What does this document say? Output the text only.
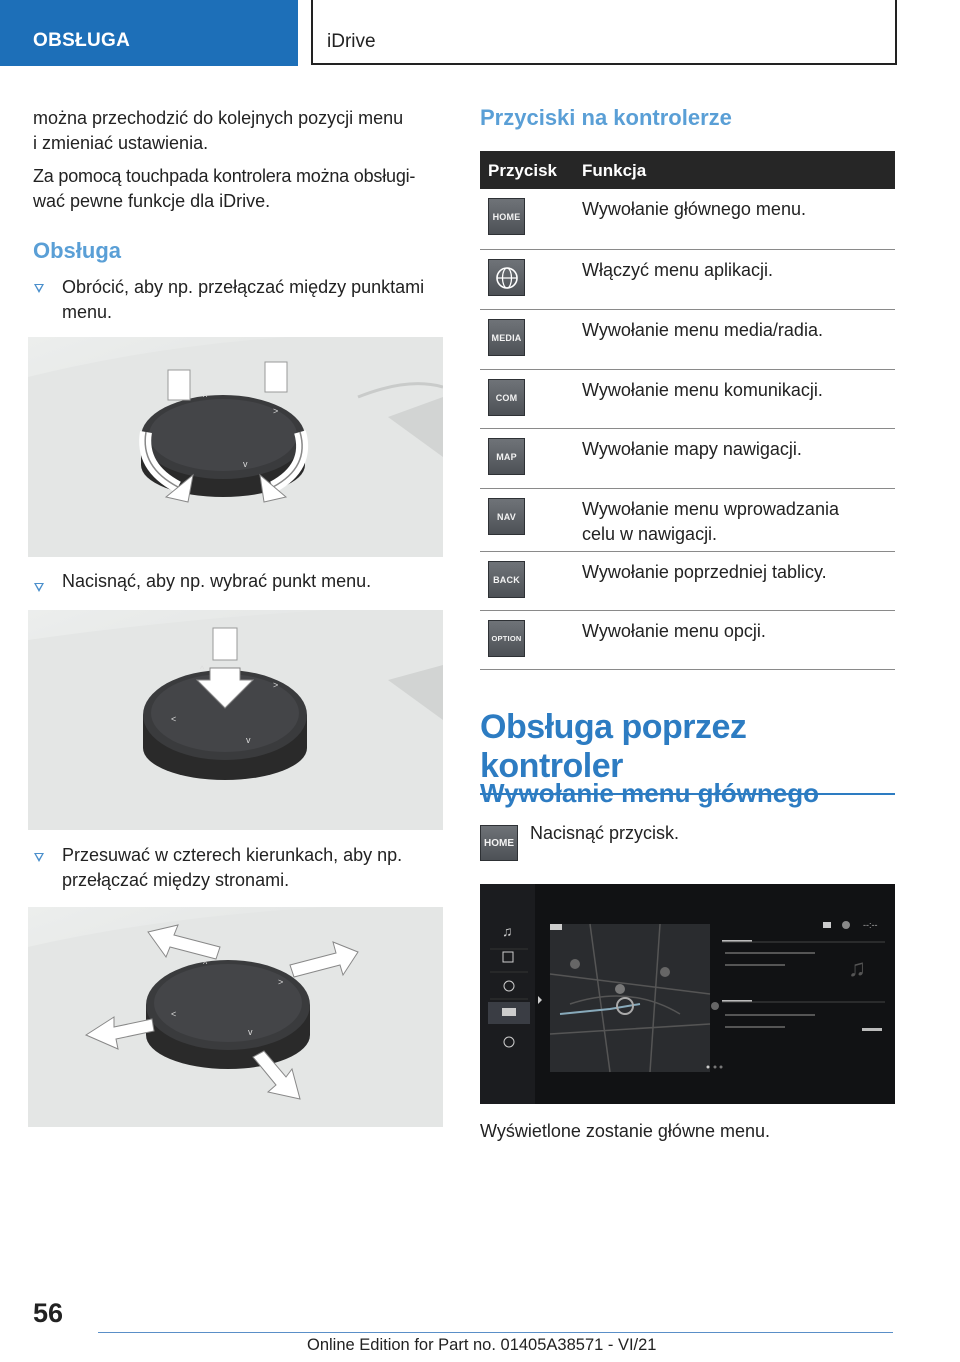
OBSŁUGA	iDrive
można przechodzić do kolejnych pozycji menu
i zmieniać ustawienia.
Za pomocą touchpada kontrolera można obsługi‐
wać pewne funkcje dla iDrive.
Obsługa
Obrócić, aby np. przełączać między punktami
menu.
^
>
v
Nacisnąć, aby np. wybrać punkt menu.
^
>
<
v
Przesuwać w czterech kierunkach, aby np.
przełączać między stronami.
^
>
<
v
Przyciski na kontrolerze
Przycisk Funkcja
HOME	Wywołanie głównego menu.
Włączyć menu aplikacji.
MEDIA	Wywołanie menu media/radia.
COM	Wywołanie menu komunikacji.
MAP	Wywołanie mapy nawigacji.
NAV	Wywołanie menu wprowadzania
celu w nawigacji.
BACK	Wywołanie poprzedniej tablicy.
OPTION	Wywołanie menu opcji.
Obsługa poprzez kontroler
Wywołanie menu głównego
HOME Nacisnąć przycisk.
♫
♫
--:--
Wyświetlone zostanie główne menu.
56
Online Edition for Part no. 01405A38571 - VI/21
